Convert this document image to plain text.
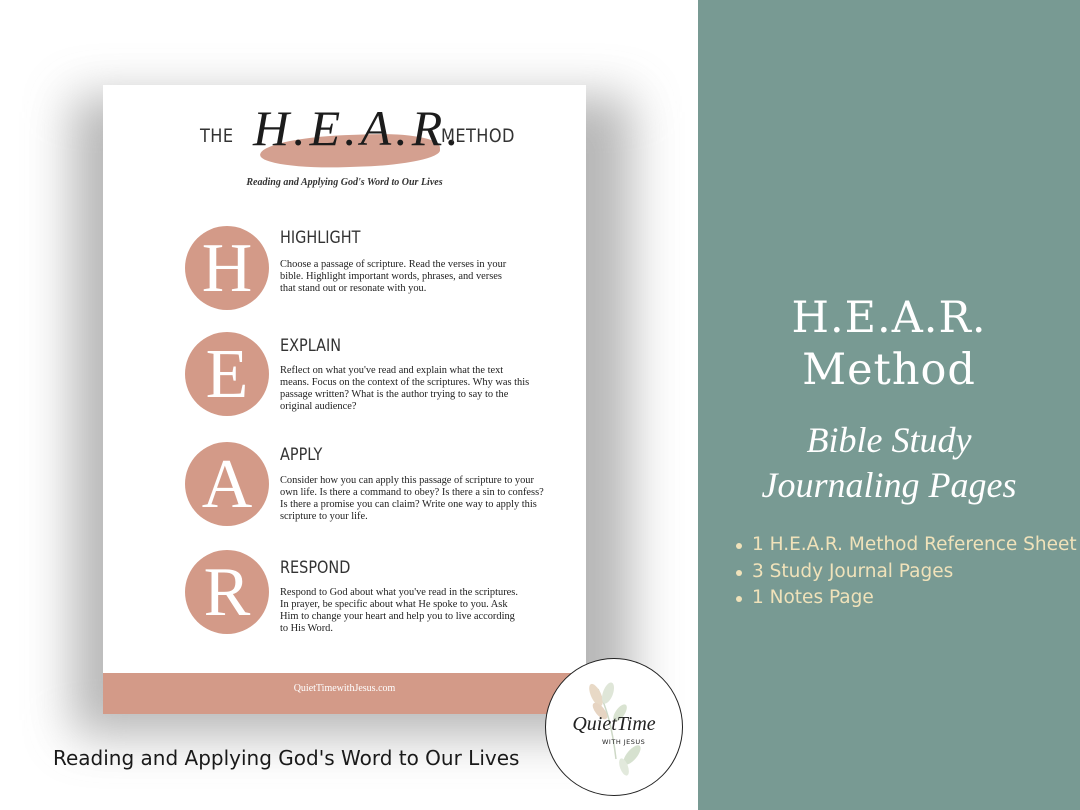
H.E.A.R.
Method
Bible Study
Journaling Pages
1 H.E.A.R. Method Reference Sheet
3 Study Journal Pages
1 Notes Page
THE H.E.A.R.
METHOD
Reading and Applying God's Word to Our Lives
H	HIGHLIGHT
Choose a passage of scripture. Read the verses in your
bible. Highlight important words, phrases, and verses
that stand out or resonate with you.
E	EXPLAIN
Reflect on what you've read and explain what the text
means. Focus on the context of the scriptures. Why was this
passage written? What is the author trying to say to the
original audience?
A	APPLY
Consider how you can apply this passage of scripture to your
own life. Is there a command to obey? Is there a sin to confess?
Is there a promise you can claim? Write one way to apply this
scripture to your life.
R	RESPOND
Respond to God about what you've read in the scriptures.
In prayer, be specific about what He spoke to you. Ask
Him to change your heart and help you to live according
to His Word.
QuietTimewithJesus.com
Reading and Applying God's Word to Our Lives
QuietTime
WITH JESUS
